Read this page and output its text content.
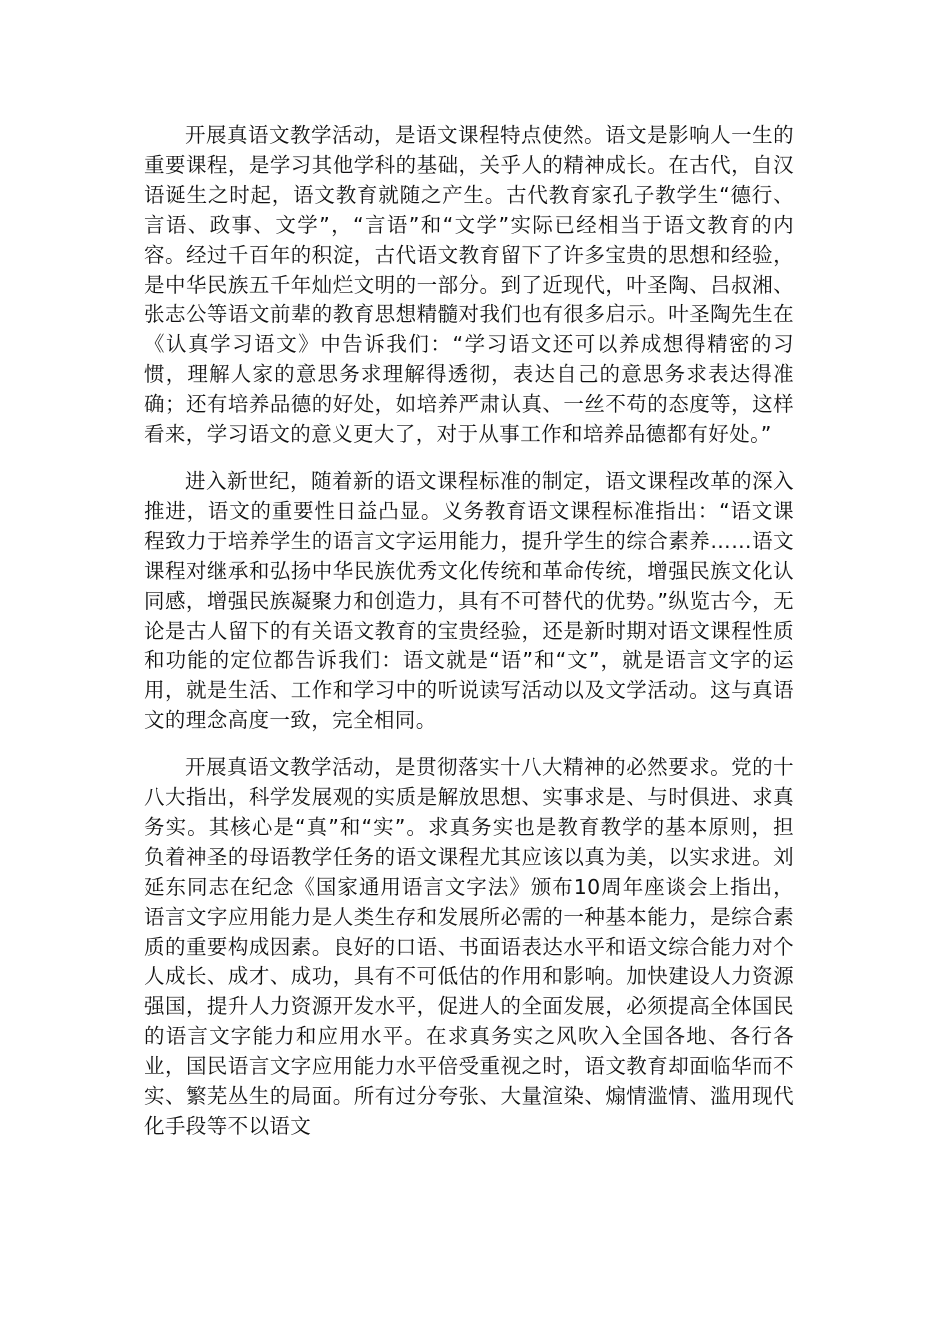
开展真语文教学活动，是语文课程特点使然。语文是影响人一生的重要课程，是学习其他学科的基础，关乎人的精神成长。在古代，自汉语诞生之时起，语文教育就随之产生。古代教育家孔子教学生“德行、言语、政事、文学”，“言语”和“文学”实际已经相当于语文教育的内容。经过千百年的积淀，古代语文教育留下了许多宝贵的思想和经验，是中华民族五千年灿烂文明的一部分。到了近现代，叶圣陶、吕叔湘、张志公等语文前辈的教育思想精髓对我们也有很多启示。叶圣陶先生在《认真学习语文》中告诉我们：“学习语文还可以养成想得精密的习惯，理解人家的意思务求理解得透彻，表达自己的意思务求表达得准确；还有培养品德的好处，如培养严肃认真、一丝不苟的态度等，这样看来，学习语文的意义更大了，对于从事工作和培养品德都有好处。”

进入新世纪，随着新的语文课程标准的制定，语文课程改革的深入推进，语文的重要性日益凸显。义务教育语文课程标准指出：“语文课程致力于培养学生的语言文字运用能力，提升学生的综合素养……语文课程对继承和弘扬中华民族优秀文化传统和革命传统，增强民族文化认同感，增强民族凝聚力和创造力，具有不可替代的优势。”纵览古今，无论是古人留下的有关语文教育的宝贵经验，还是新时期对语文课程性质和功能的定位都告诉我们：语文就是“语”和“文”，就是语言文字的运用，就是生活、工作和学习中的听说读写活动以及文学活动。这与真语文的理念高度一致，完全相同。

开展真语文教学活动，是贯彻落实十八大精神的必然要求。党的十八大指出，科学发展观的实质是解放思想、实事求是、与时俱进、求真务实。其核心是“真”和“实”。求真务实也是教育教学的基本原则，担负着神圣的母语教学任务的语文课程尤其应该以真为美，以实求进。刘延东同志在纪念《国家通用语言文字法》颁布10周年座谈会上指出，语言文字应用能力是人类生存和发展所必需的一种基本能力，是综合素质的重要构成因素。良好的口语、书面语表达水平和语文综合能力对个人成长、成才、成功，具有不可低估的作用和影响。加快建设人力资源强国，提升人力资源开发水平，促进人的全面发展，必须提高全体国民的语言文字能力和应用水平。在求真务实之风吹入全国各地、各行各业，国民语言文字应用能力水平倍受重视之时，语文教育却面临华而不实、繁芜丛生的局面。所有过分夸张、大量渲染、煽情滥情、滥用现代化手段等不以语文
